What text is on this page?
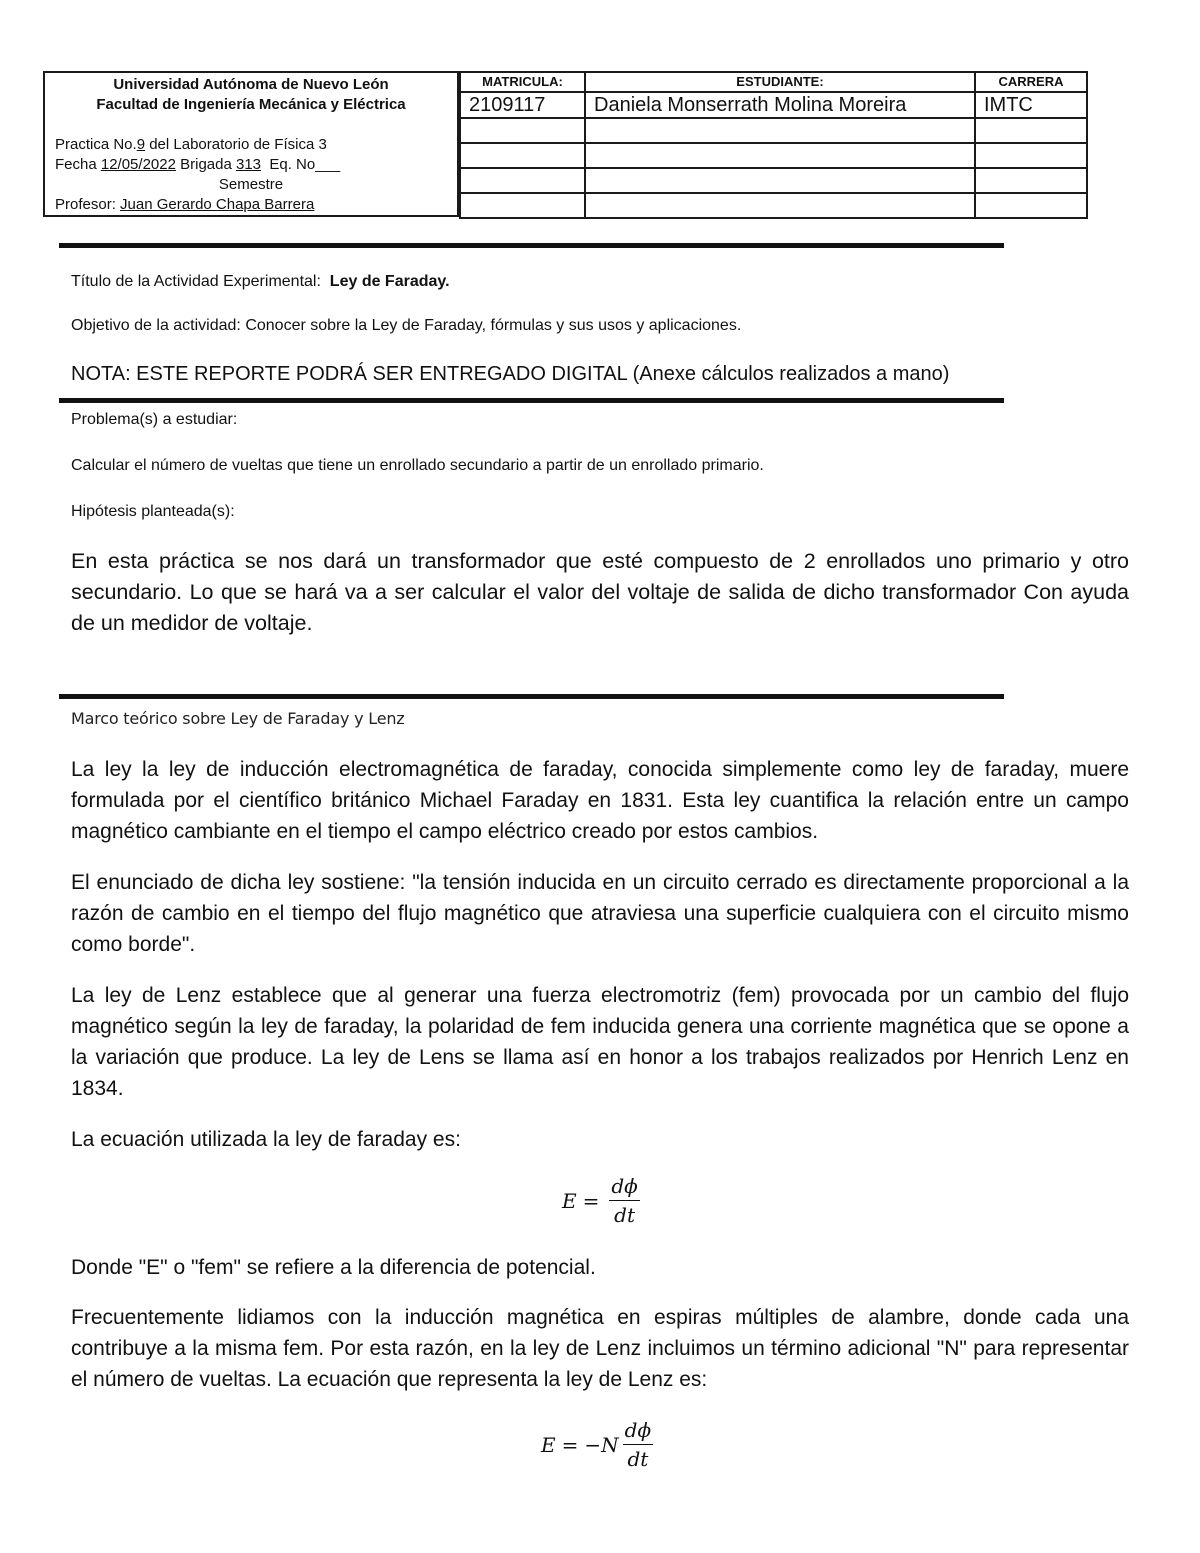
Universidad Autónoma de Nuevo León
Facultad de Ingeniería Mecánica y Eléctrica
Practica No.9 del Laboratorio de Física 3
Fecha 12/05/2022 Brigada 313  Eq. No___
Semestre
Profesor: Juan Gerardo Chapa Barrera
MATRICULA:	ESTUDIANTE:	CARRERA
2109117	Daniela Monserrath Molina Moreira	IMTC

Título de la Actividad Experimental:  Ley de Faraday.
Objetivo de la actividad: Conocer sobre la Ley de Faraday, fórmulas y sus usos y aplicaciones.
NOTA: ESTE REPORTE PODRÁ SER ENTREGADO DIGITAL (Anexe cálculos realizados a mano)
Problema(s) a estudiar:
Calcular el número de vueltas que tiene un enrollado secundario a partir de un enrollado primario.
Hipótesis planteada(s):

En esta práctica se nos dará un transformador que esté compuesto de 2 enrollados uno primario y otro secundario. Lo que se hará va a ser calcular el valor del voltaje de salida de dicho transformador Con ayuda de un medidor de voltaje.

Marco teórico sobre Ley de Faraday y Lenz

La ley la ley de inducción electromagnética de faraday, conocida simplemente como ley de faraday, muere formulada por el científico británico Michael Faraday en 1831. Esta ley cuantifica la relación entre un campo magnético cambiante en el tiempo el campo eléctrico creado por estos cambios.

El enunciado de dicha ley sostiene: "la tensión inducida en un circuito cerrado es directamente proporcional a la razón de cambio en el tiempo del flujo magnético que atraviesa una superficie cualquiera con el circuito mismo como borde".

La ley de Lenz establece que al generar una fuerza electromotriz (fem) provocada por un cambio del flujo magnético según la ley de faraday, la polaridad de fem inducida genera una corriente magnética que se opone a la variación que produce. La ley de Lens se llama así en honor a los trabajos realizados por Henrich Lenz en 1834.

La ecuación utilizada la ley de faraday es:

$E = \frac{d\phi}{dt}$

Donde "E" o "fem" se refiere a la diferencia de potencial.

Frecuentemente lidiamos con la inducción magnética en espiras múltiples de alambre, donde cada una contribuye a la misma fem. Por esta razón, en la ley de Lenz incluimos un término adicional "N" para representar el número de vueltas. La ecuación que representa la ley de Lenz es:

$E = -N \frac{d\phi}{dt}$
